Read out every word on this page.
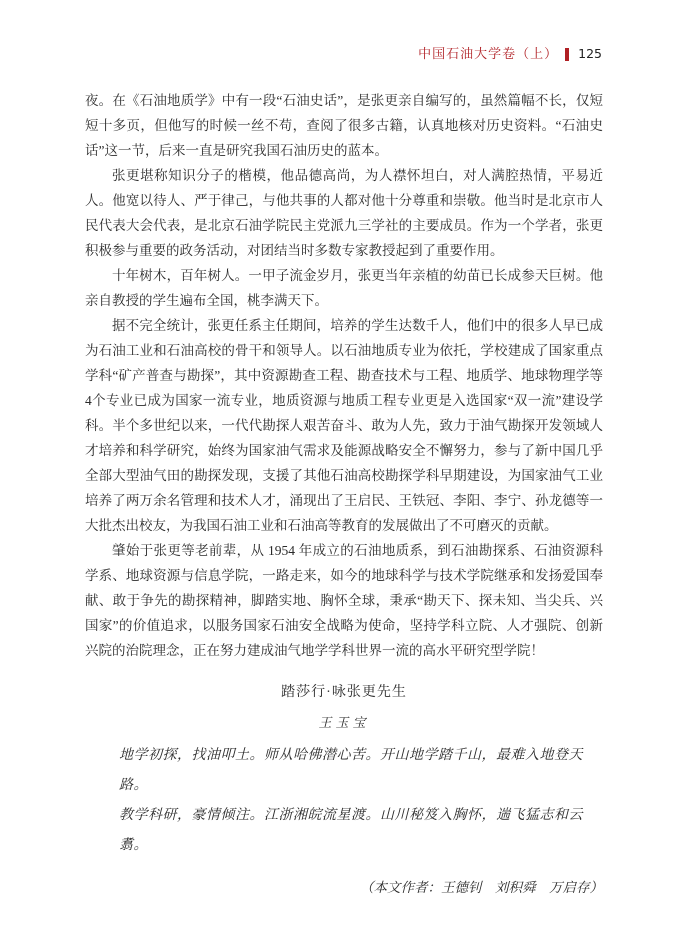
中国石油大学卷（上） 125

夜。在《石油地质学》中有一段“石油史话”，是张更亲自编写的，虽然篇幅不长，仅短短十多页，但他写的时候一丝不苟，查阅了很多古籍，认真地核对历史资料。“石油史话”这一节，后来一直是研究我国石油历史的蓝本。

张更堪称知识分子的楷模，他品德高尚，为人襟怀坦白，对人满腔热情，平易近人。他宽以待人、严于律己，与他共事的人都对他十分尊重和崇敬。他当时是北京市人民代表大会代表，是北京石油学院民主党派九三学社的主要成员。作为一个学者，张更积极参与重要的政务活动，对团结当时多数专家教授起到了重要作用。

十年树木，百年树人。一甲子流金岁月，张更当年亲植的幼苗已长成参天巨树。他亲自教授的学生遍布全国，桃李满天下。

据不完全统计，张更任系主任期间，培养的学生达数千人，他们中的很多人早已成为石油工业和石油高校的骨干和领导人。以石油地质专业为依托，学校建成了国家重点学科“矿产普查与勘探”，其中资源勘查工程、勘查技术与工程、地质学、地球物理学等4个专业已成为国家一流专业，地质资源与地质工程专业更是入选国家“双一流”建设学科。半个多世纪以来，一代代勘探人艰苦奋斗、敢为人先，致力于油气勘探开发领域人才培养和科学研究，始终为国家油气需求及能源战略安全不懈努力，参与了新中国几乎全部大型油气田的勘探发现，支援了其他石油高校勘探学科早期建设，为国家油气工业培养了两万余名管理和技术人才，涌现出了王启民、王铁冠、李阳、李宁、孙龙德等一大批杰出校友，为我国石油工业和石油高等教育的发展做出了不可磨灭的贡献。

肇始于张更等老前辈，从 1954 年成立的石油地质系，到石油勘探系、石油资源科学系、地球资源与信息学院，一路走来，如今的地球科学与技术学院继承和发扬爱国奉献、敢于争先的勘探精神，脚踏实地、胸怀全球，秉承“勘天下、探未知、当尖兵、兴国家”的价值追求，以服务国家石油安全战略为使命，坚持学科立院、人才强院、创新兴院的治院理念，正在努力建成油气地学学科世界一流的高水平研究型学院！

踏莎行·咏张更先生

王玉宝

地学初探，找油叩土。师从哈佛潜心苦。开山地学踏千山，最难入地登天路。

教学科研，豪情倾注。江浙湘皖流星渡。山川秘笈入胸怀，遄飞猛志和云翥。

（本文作者：王德钊　刘积舜　万启存）
